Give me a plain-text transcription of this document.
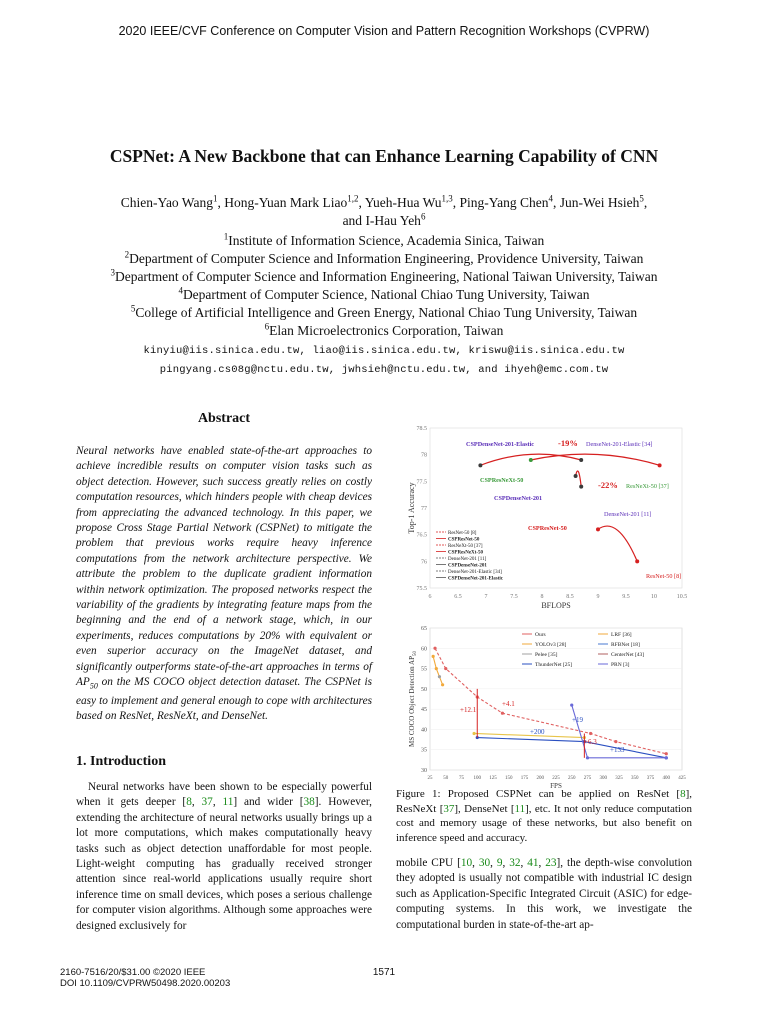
2020 IEEE/CVF Conference on Computer Vision and Pattern Recognition Workshops (CVPRW)
CSPNet: A New Backbone that can Enhance Learning Capability of CNN
Chien-Yao Wang$^1$, Hong-Yuan Mark Liao$^{1,2}$, Yueh-Hua Wu$^{1,3}$, Ping-Yang Chen$^4$, Jun-Wei Hsieh$^5$,
and I-Hau Yeh$^6$
$^1$Institute of Information Science, Academia Sinica, Taiwan
$^2$Department of Computer Science and Information Engineering, Providence University, Taiwan
$^3$Department of Computer Science and Information Engineering, National Taiwan University, Taiwan
$^4$Department of Computer Science, National Chiao Tung University, Taiwan
$^5$College of Artificial Intelligence and Green Energy, National Chiao Tung University, Taiwan
$^6$Elan Microelectronics Corporation, Taiwan
kinyiu@iis.sinica.edu.tw, liao@iis.sinica.edu.tw, kriswu@iis.sinica.edu.tw
pingyang.cs08g@nctu.edu.tw, jwhsieh@nctu.edu.tw, and ihyeh@emc.com.tw
Abstract
Neural networks have enabled state-of-the-art approaches to achieve incredible results on computer vision tasks such as object detection. However, such success greatly relies on costly computation resources, which hinders people with cheap devices from appreciating the advanced technology. In this paper, we propose Cross Stage Partial Network (CSPNet) to mitigate the problem that previous works require heavy inference computations from the network architecture perspective. We attribute the problem to the duplicate gradient information within network optimization. The proposed networks respect the variability of the gradients by integrating feature maps from the beginning and the end of a network stage, which, in our experiments, reduces computations by 20% with equivalent or even superior accuracy on the ImageNet dataset, and significantly outperforms state-of-the-art approaches in terms of $AP_{50}$ on the MS COCO object detection dataset. The CSPNet is easy to implement and general enough to cope with architectures based on ResNet, ResNeXt, and DenseNet.
1. Introduction
Neural networks have been shown to be especially powerful when it gets deeper [8, 37, 11] and wider [38]. However, extending the architecture of neural networks usually brings up a lot more computations, which makes computationally heavy tasks such as object detection unaffordable for most people. Light-weight computing has gradually received stronger attention since real-world applications usually require short inference time on small devices, which poses a serious challenge for computer vision algorithms. Although some approaches were designed exclusively for
6	6.5	7	7.5	8	8.5	9	9.5	10	10.5
75.5
76
76.5
77
77.5
78
78.5
BFLOPS
Top-1 Accuracy
CSPDenseNet-201-Elastic	-19% DenseNet-201-Elastic [34]
CSPResNeXt-50	-22% ResNeXt-50 [37]
CSPDenseNet-201
DenseNet-201 [11]
CSPResNet-50
ResNet-50 [8]
ResNet-50 [8]
CSPResNet-50
ResNeXt-50 [37]
CSPResNeXt-50
DenseNet-201 [11]
CSPDenseNet-201
DenseNet-201-Elastic [34]
CSPDenseNet-201-Elastic
30
35
40
45
50
55
60
65
25 50 75 100 125 150 175 200 225 250 275 300 325 350 375 400 425
FPS
MS COCO Object Detection $AP_{50}$
+12.1
+4.1
+19
+200
+6.3
+133
Ours	LRF [36]
YOLOv3 [28]	RFBNet [18]
Pelee [35]	CenterNet [43]
ThunderNet [25]	PRN [3]
Figure 1: Proposed CSPNet can be applied on ResNet [8], ResNeXt [37], DenseNet [11], etc. It not only reduce computation cost and memory usage of these networks, but also benefit on inference speed and accuracy.
mobile CPU [10, 30, 9, 32, 41, 23], the depth-wise convolution they adopted is usually not compatible with industrial IC design such as Application-Specific Integrated Circuit (ASIC) for edge-computing systems. In this work, we investigate the computational burden in state-of-the-art ap-
2160-7516/20/$31.00 ©2020 IEEE
DOI 10.1109/CVPRW50498.2020.00203
1571
